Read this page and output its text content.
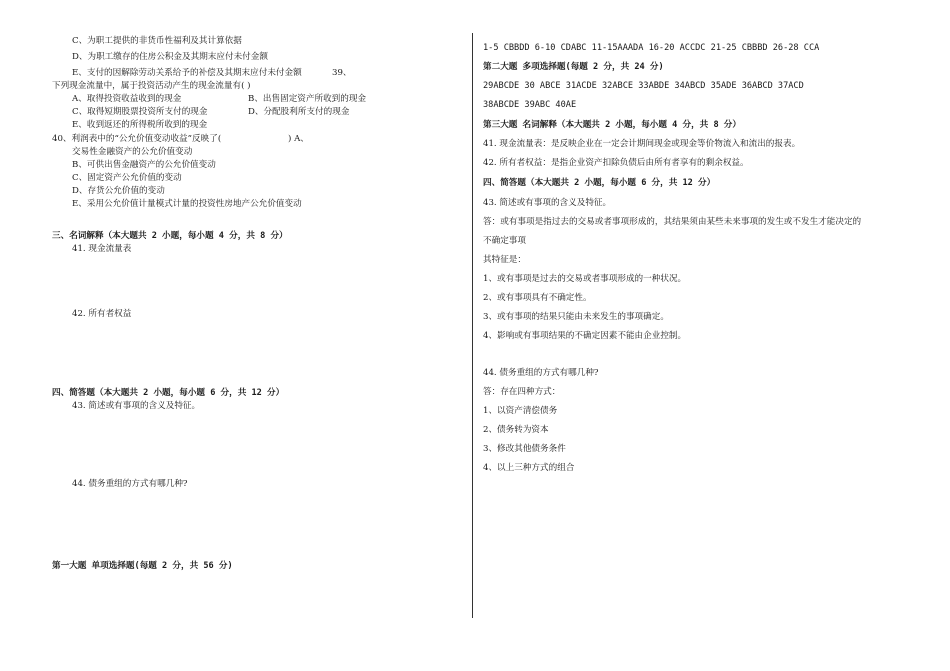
C、为职工提供的非货币性福利及其计算依据
D、为职工缴存的住房公积金及其期末应付未付金额
E、支付的因解除劳动关系给予的补偿及其期末应付未付金额	39、
下列现金流量中，属于投资活动产生的现金流量有( )
A、取得投资收益收到的现金	B、出售固定资产所收到的现金
C、取得短期股票投资所支付的现金	D、分配股利所支付的现金
E、收到返还的所得税所收到的现金
40、利润表中的“公允价值变动收益”反映了(	) A、
交易性金融资产的公允价值变动
B、可供出售金融资产的公允价值变动
C、固定资产公允价值的变动
D、存货公允价值的变动
E、采用公允价值计量模式计量的投资性房地产公允价值变动
三、名词解释（本大题共 2 小题，每小题 4 分，共 8 分）
41. 现金流量表
42. 所有者权益
四、简答题（本大题共 2 小题，每小题 6 分，共 12 分）
43. 简述或有事项的含义及特征。
44. 债务重组的方式有哪几种?
第一大题 单项选择题(每题 2 分，共 56 分)
1-5 CBBDD 6-10 CDABC 11-15AAADA 16-20 ACCDC 21-25 CBBBD 26-28 CCA
第二大题 多项选择题(每题 2 分，共 24 分)
29ABCDE 30 ABCE 31ACDE 32ABCE 33ABDE 34ABCD 35ADE 36ABCD 37ACD
38ABCDE 39ABC 40AE
第三大题 名词解释（本大题共 2 小题，每小题 4 分，共 8 分）
41. 现金流量表：是反映企业在一定会计期间现金或现金等价物流入和流出的报表。
42. 所有者权益：是指企业资产扣除负债后由所有者享有的剩余权益。
四、简答题（本大题共 2 小题，每小题 6 分，共 12 分）
43. 简述或有事项的含义及特征。
答：或有事项是指过去的交易或者事项形成的，其结果须由某些未来事项的发生或不发生才能决定的
不确定事项
其特征是：
1、或有事项是过去的交易或者事项形成的一种状况。
2、或有事项具有不确定性。
3、或有事项的结果只能由未来发生的事项确定。
4、影响或有事项结果的不确定因素不能由企业控制。
44. 债务重组的方式有哪几种?
答：存在四种方式：
1、以资产清偿债务
2、债务转为资本
3、修改其他债务条件
4、以上三种方式的组合
